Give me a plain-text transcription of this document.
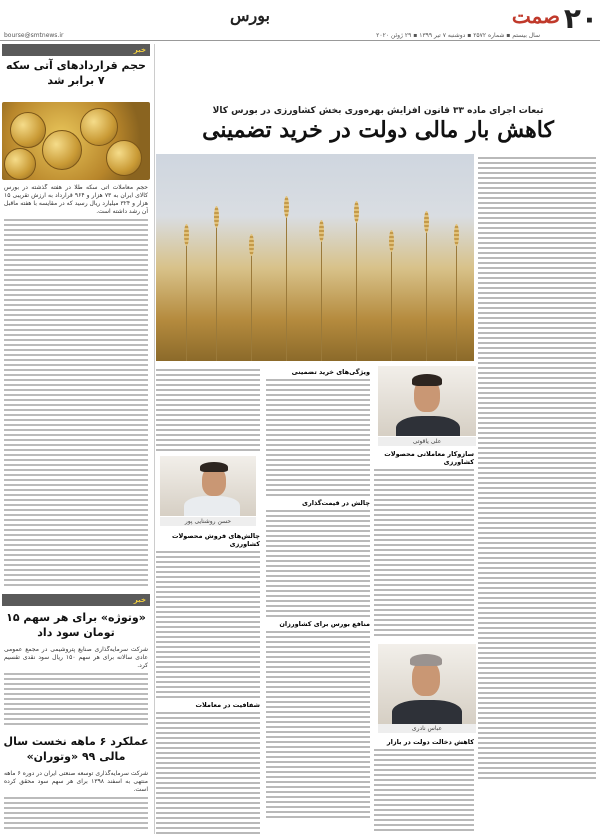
۲۰
صمت
بورس
سال بیستم ▪ شماره ۲۵۷۲ ▪ دوشنبه ۷ تیر ۱۳۹۹ ▪ ۲۹ ژوئن ۲۰۲۰
bourse@smtnews.ir
خبر
حجم قراردادهای آتی سکه ۷ برابر شد
حجم معاملات آتی سکه طلا در هفته گذشته در بورس کالای ایران به ۷۳ هزار و ۹۶۴ قرارداد به ارزش تقریبی ۱۵ هزار و ۳۲۴ میلیارد ریال رسید که در مقایسه با هفته ماقبل آن رشد داشته است.
خبر
«وتوژه» برای هر سهم ۱۵ تومان سود داد
شرکت سرمایه‌گذاری صنایع پتروشیمی در مجمع عمومی عادی سالانه برای هر سهم ۱۵۰ ریال سود نقدی تقسیم کرد.
عملکرد ۶ ماهه نخست سال مالی ۹۹ «وتوران»
شرکت سرمایه‌گذاری توسعه صنعتی ایران در دوره ۶ ماهه منتهی به اسفند ۱۳۹۸ برای هر سهم سود محقق کرده است.
تبعات اجرای ماده ۳۳ قانون افزایش بهره‌وری بخش کشاورزی در بورس کالا
کاهش بار مالی دولت در خرید تضمینی
علی یاقوتی
سازوکار معاملاتی محصولات کشاورزی
عباس نادری
کاهش دخالت دولت در بازار
ویژگی‌های خرید تضمینی
چالش در قیمت‌گذاری
منافع بورس برای کشاورزان
حسن روشنایی پور
چالش‌های فروش محصولات کشاورزی
شفافیت در معاملات
